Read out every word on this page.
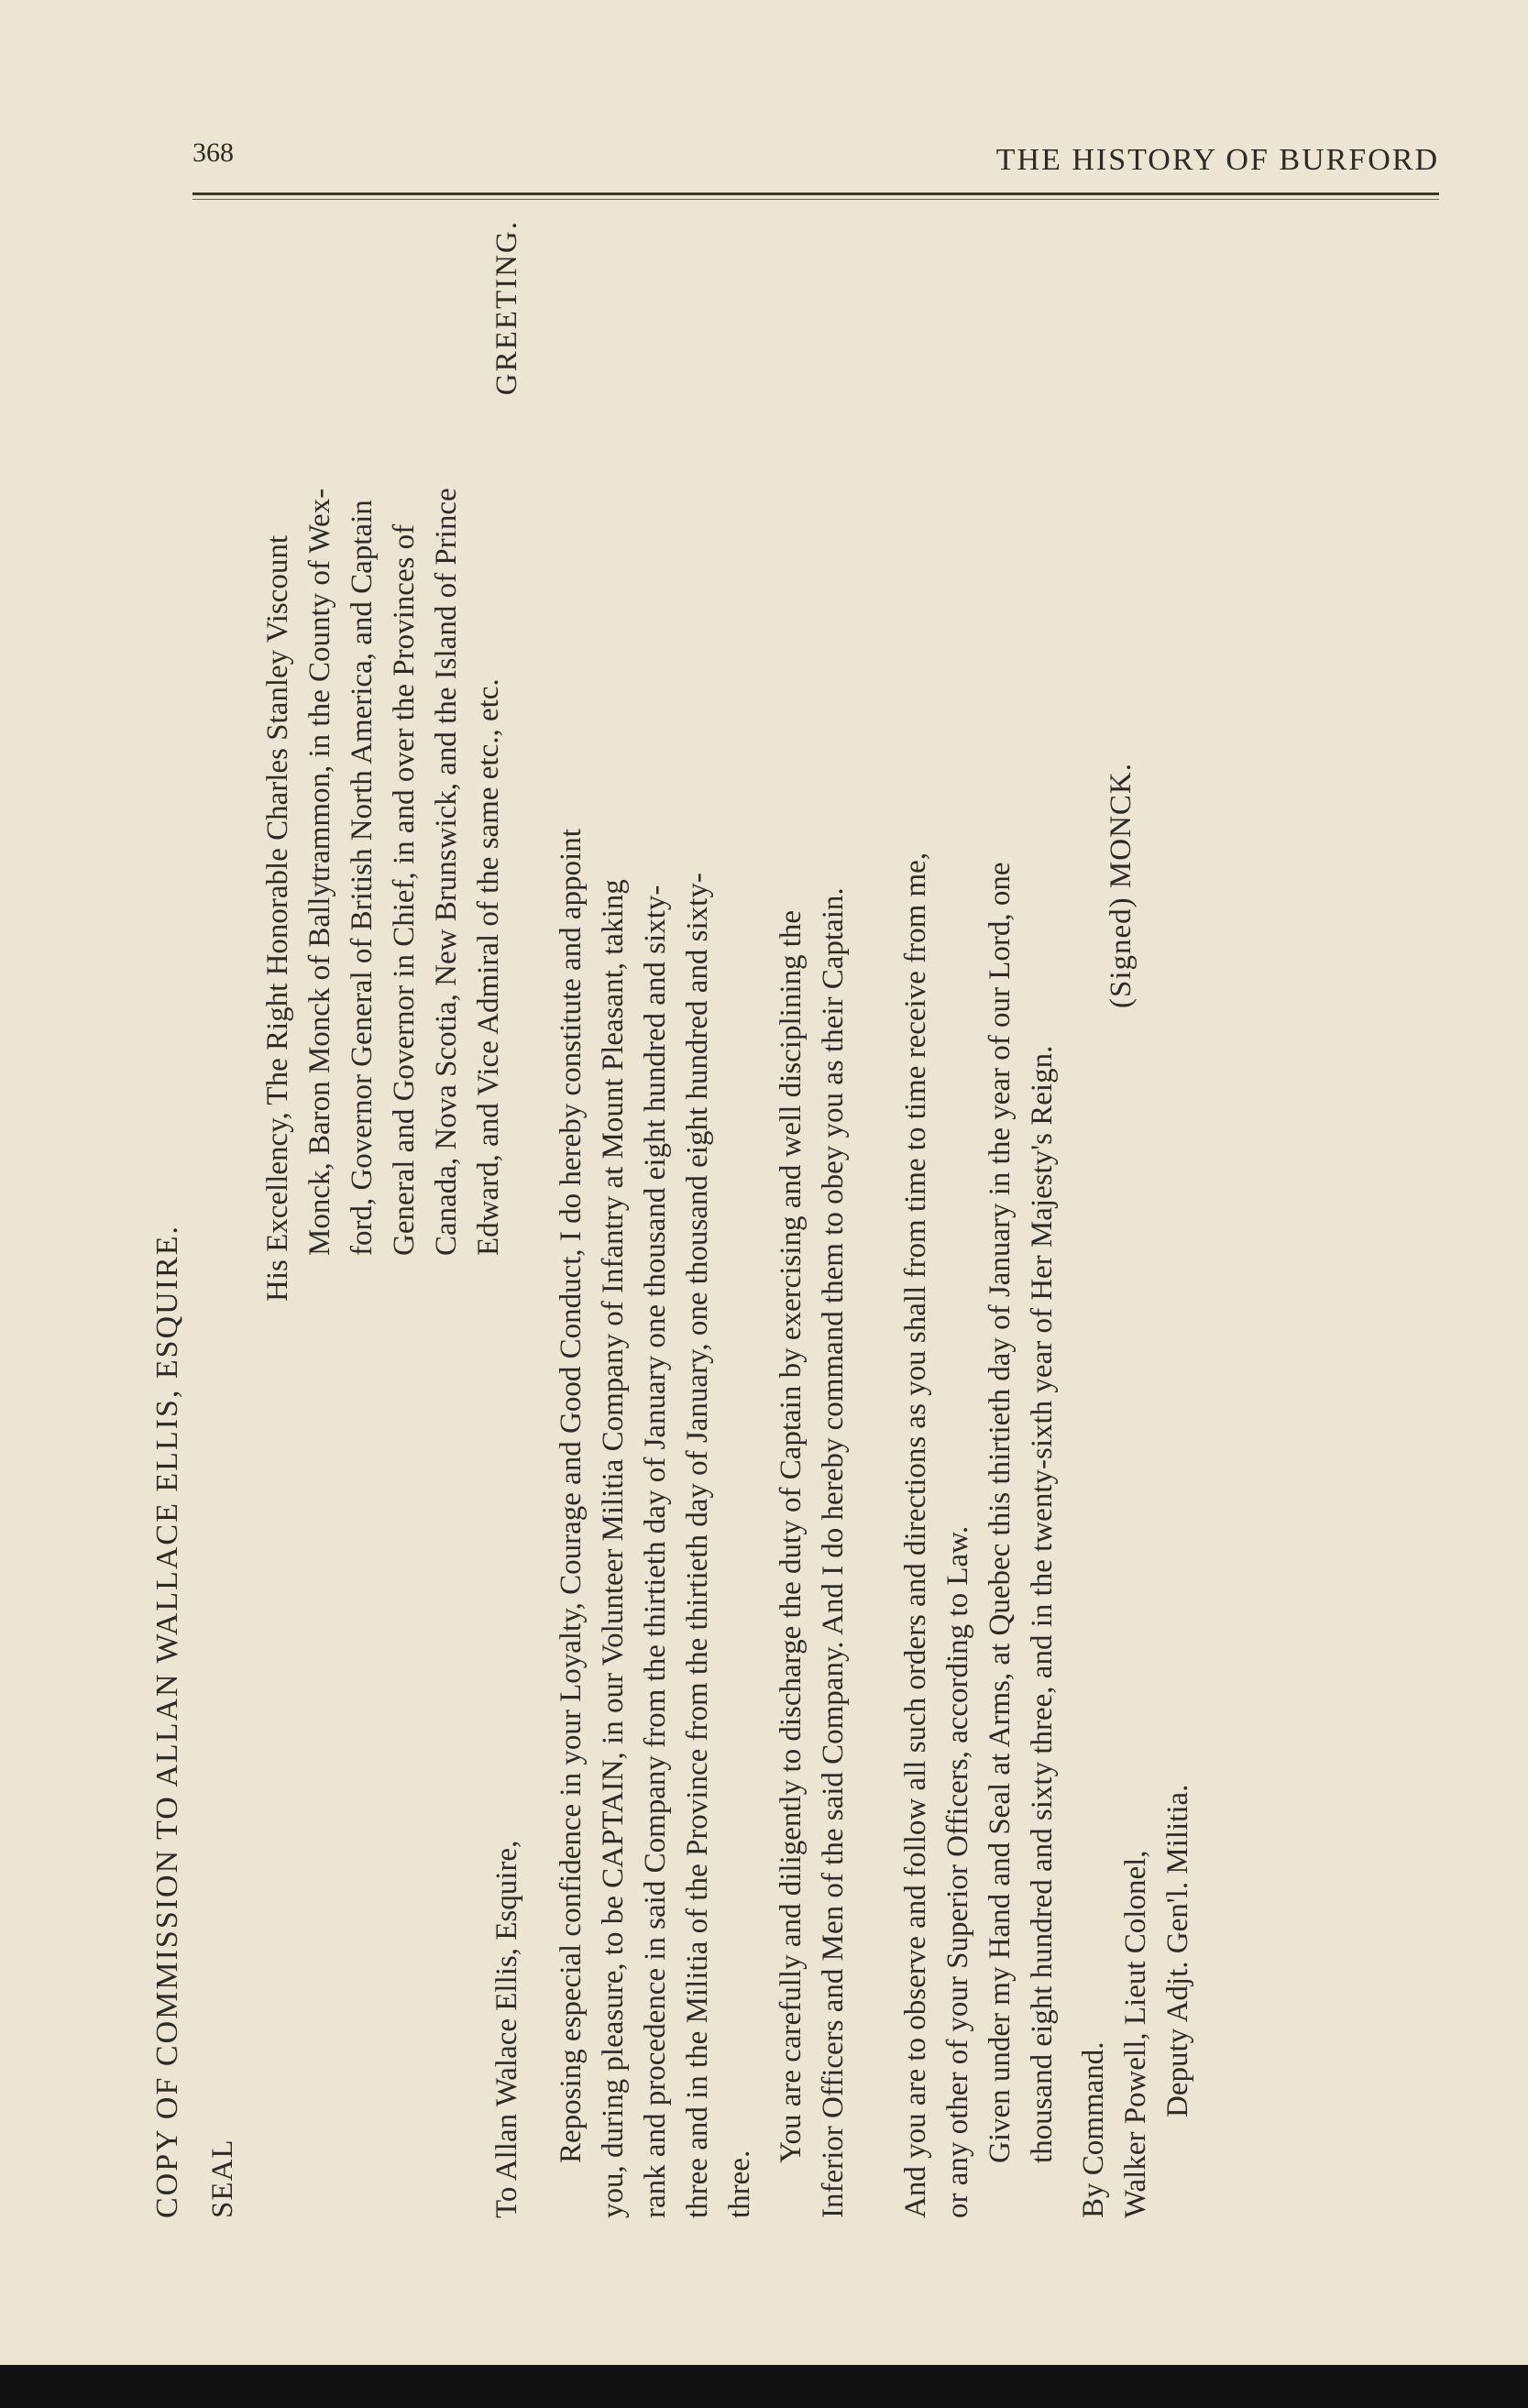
368	THE HISTORY OF BURFORD
COPY OF COMMISSION TO ALLAN WALLACE ELLIS, ESQUIRE. SEAL

His Excellency, The Right Honorable Charles Stanley Viscount Monck, Baron Monck of Ballytrammon, in the County of Wex- ford, Governor General of British North America, and Captain General and Governor in Chief, in and over the Provinces of Canada, Nova Scotia, New Brunswick, and the Island of Prince Edward, and Vice Admiral of the same etc., etc.

To Allan Walace Ellis, Esquire,
GREETING.

Reposing especial confidence in your Loyalty, Courage and Good Conduct, I do hereby constitute and appoint you, during pleasure, to be CAPTAIN, in our Volunteer Militia Company of Infantry at Mount Pleasant, taking rank and procedence in said Company from the thirtieth day of January one thousand eight hundred and sixty- three and in the Militia of the Province from the thirtieth day of January, one thousand eight hundred and sixty- three.

You are carefully and diligently to discharge the duty of Captain by exercising and well disciplining the Inferior Officers and Men of the said Company. And I do hereby command them to obey you as their Captain. And you are to observe and follow all such orders and directions as you shall from time to time receive from me, or any other of your Superior Officers, according to Law. Given under my Hand and Seal at Arms, at Quebec this thirtieth day of January in the year of our Lord, one thousand eight hundred and sixty three, and in the twenty-sixth year of Her Majesty's Reign. By Command.
(Signed) MONCK.
Walker Powell, Lieut Colonel, Deputy Adjt. Gen'l. Militia.
